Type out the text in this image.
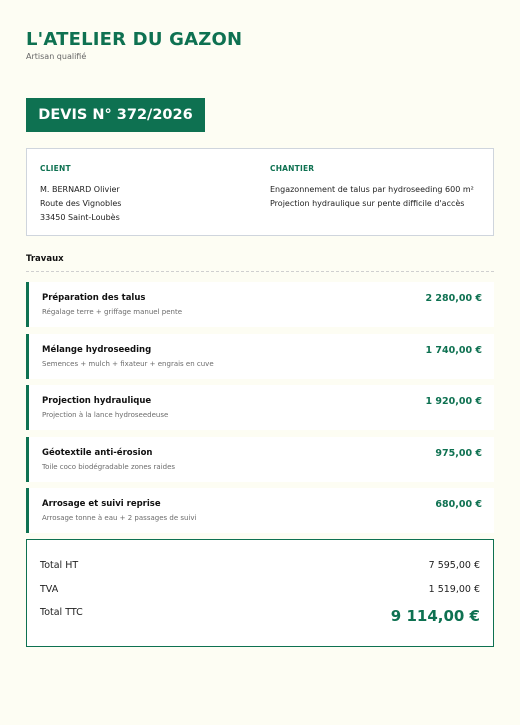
L'ATELIER DU GAZON
Artisan qualifié
DEVIS N° 372/2026
CLIENT
M. BERNARD Olivier
Route des Vignobles
33450 Saint-Loubès
CHANTIER
Engazonnement de talus par hydroseeding 600 m²
Projection hydraulique sur pente difficile d'accès
Travaux
Préparation des talus
Régalage terre + griffage manuel pente
2 280,00 €
Mélange hydroseeding
Semences + mulch + fixateur + engrais en cuve
1 740,00 €
Projection hydraulique
Projection à la lance hydroseedeuse
1 920,00 €
Géotextile anti-érosion
Toile coco biodégradable zones raides
975,00 €
Arrosage et suivi reprise
Arrosage tonne à eau + 2 passages de suivi
680,00 €
Total HT	7 595,00 €
TVA	1 519,00 €
Total TTC	9 114,00 €
